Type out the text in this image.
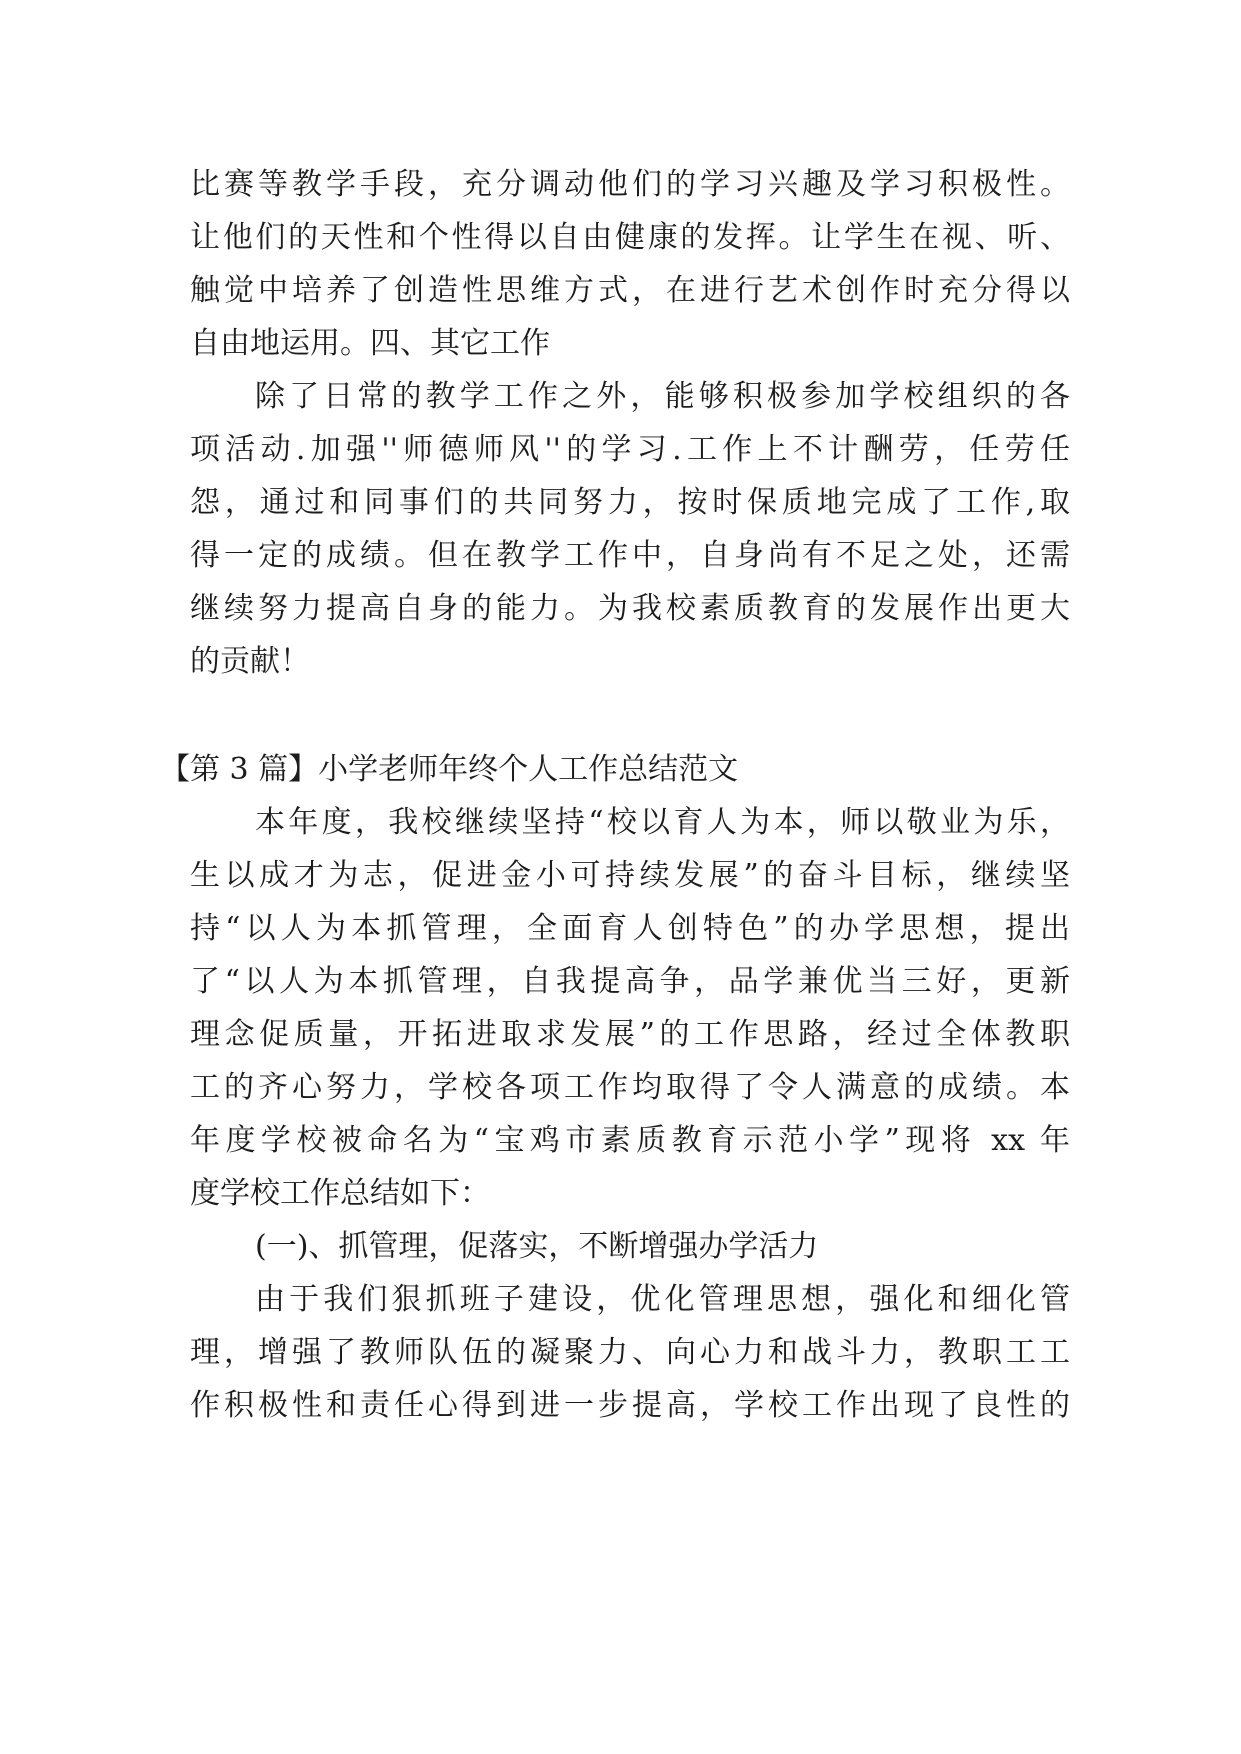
比赛等教学手段，充分调动他们的学习兴趣及学习积极性。
让他们的天性和个性得以自由健康的发挥。让学生在视、听、
触觉中培养了创造性思维方式，在进行艺术创作时充分得以
自由地运用。四、其它工作
除了日常的教学工作之外，能够积极参加学校组织的各
项活动.加强''师德师风''的学习.工作上不计酬劳，任劳任
怨，通过和同事们的共同努力，按时保质地完成了工作,取
得一定的成绩。但在教学工作中，自身尚有不足之处，还需
继续努力提高自身的能力。为我校素质教育的发展作出更大
的贡献！
【第 3 篇】小学老师年终个人工作总结范文
本年度，我校继续坚持“校以育人为本，师以敬业为乐，
生以成才为志，促进金小可持续发展”的奋斗目标，继续坚
持“以人为本抓管理，全面育人创特色”的办学思想，提出
了“以人为本抓管理，自我提高争，品学兼优当三好，更新
理念促质量，开拓进取求发展”的工作思路，经过全体教职
工的齐心努力，学校各项工作均取得了令人满意的成绩。本
年度学校被命名为“宝鸡市素质教育示范小学”现将 xx 年
度学校工作总结如下：
(一)、抓管理，促落实，不断增强办学活力
由于我们狠抓班子建设，优化管理思想，强化和细化管
理，增强了教师队伍的凝聚力、向心力和战斗力，教职工工
作积极性和责任心得到进一步提高，学校工作出现了良性的
